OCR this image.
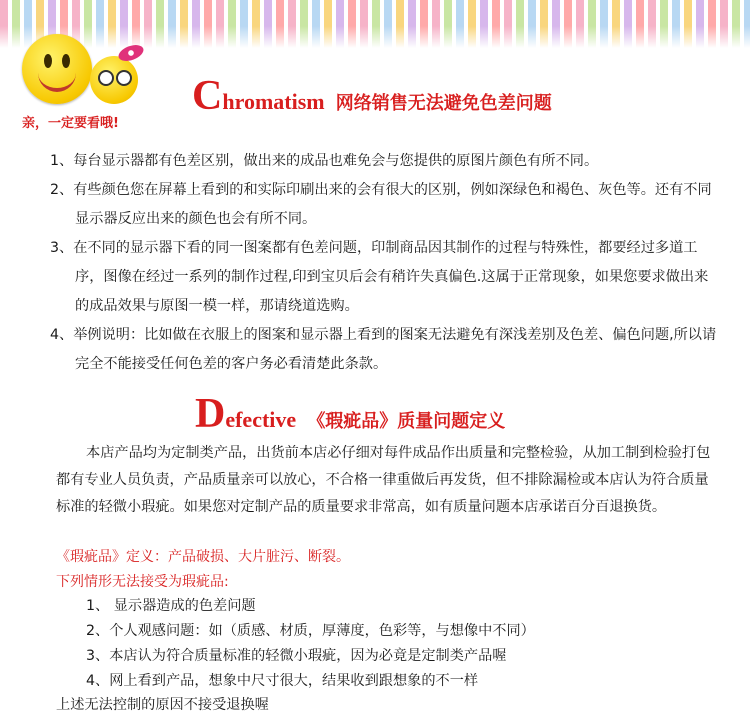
亲，一定要看哦!
Chromatism 网络销售无法避免色差问题

1、每台显示器都有色差区别，做出来的成品也难免会与您提供的原图片颜色有所不同。

2、有些颜色您在屏幕上看到的和实际印刷出来的会有很大的区别，例如深绿色和褐色、灰色等。还有不同显示器反应出来的颜色也会有所不同。

3、在不同的显示器下看的同一图案都有色差问题，印制商品因其制作的过程与特殊性，都要经过多道工序，图像在经过一系列的制作过程,印到宝贝后会有稍许失真偏色.这属于正常现象，如果您要求做出来的成品效果与原图一模一样，那请绕道选购。

4、举例说明：比如做在衣服上的图案和显示器上看到的图案无法避免有深浅差别及色差、偏色问题,所以请完全不能接受任何色差的客户务必看清楚此条款。

Defective 《瑕疵品》质量问题定义

本店产品均为定制类产品，出货前本店必仔细对每件成品作出质量和完整检验，从加工制到检验打包都有专业人员负责，产品质量亲可以放心，不合格一律重做后再发货，但不排除漏检或本店认为符合质量标准的轻微小瑕疵。如果您对定制产品的质量要求非常高，如有质量问题本店承诺百分百退换货。

《瑕疵品》定义：产品破损、大片脏污、断裂。
下列情形无法接受为瑕疵品:
1、 显示器造成的色差问题
2、个人观感问题：如（质感、材质，厚薄度，色彩等，与想像中不同）
3、本店认为符合质量标准的轻微小瑕疵，因为必竟是定制类产品喔
4、网上看到产品，想象中尺寸很大，结果收到跟想象的不一样
上述无法控制的原因不接受退换喔
